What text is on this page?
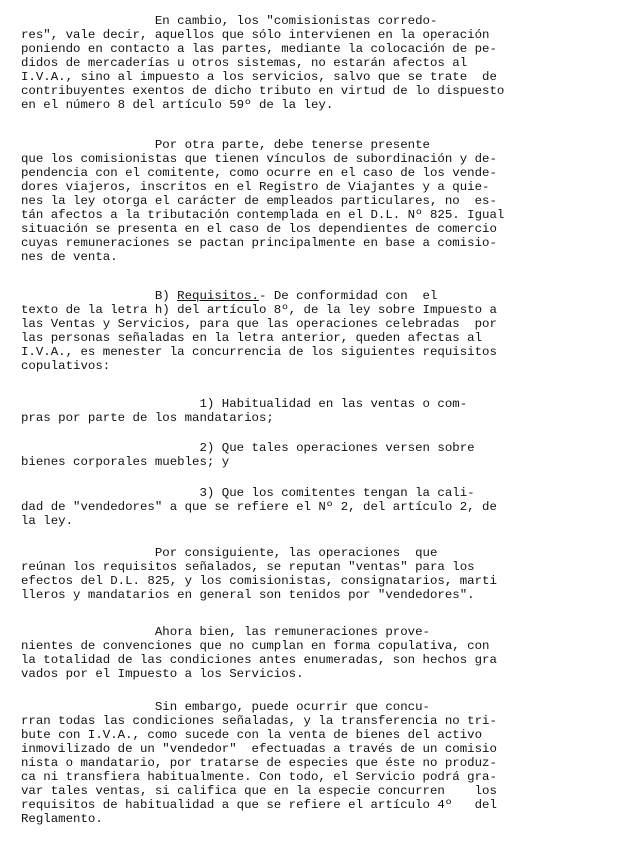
En cambio, los "comisionistas corredo-
res", vale decir, aquellos que sólo intervienen en la operación
poniendo en contacto a las partes, mediante la colocación de pe-
didos de mercaderías u otros sistemas, no estarán afectos al
I.V.A., sino al impuesto a los servicios, salvo que se trate  de
contribuyentes exentos de dicho tributo en virtud de lo dispuesto
en el número 8 del artículo 59º de la ley.
Por otra parte, debe tenerse presente
que los comisionistas que tienen vínculos de subordinación y de-
pendencia con el comitente, como ocurre en el caso de los vende-
dores viajeros, inscritos en el Registro de Viajantes y a quie-
nes la ley otorga el carácter de empleados particulares, no  es-
tán afectos a la tributación contemplada en el D.L. Nº 825. Igual
situación se presenta en el caso de los dependientes de comercio
cuyas remuneraciones se pactan principalmente en base a comisio-
nes de venta.
B) Requisitos.- De conformidad con  el
texto de la letra h) del artículo 8º, de la ley sobre Impuesto a
las Ventas y Servicios, para que las operaciones celebradas  por
las personas señaladas en la letra anterior, queden afectas al
I.V.A., es menester la concurrencia de los siguientes requisitos
copulativos:
1) Habitualidad en las ventas o com-
pras por parte de los mandatarios;
2) Que tales operaciones versen sobre
bienes corporales muebles; y
3) Que los comitentes tengan la cali-
dad de "vendedores" a que se refiere el Nº 2, del artículo 2, de
la ley.
Por consiguiente, las operaciones  que
reúnan los requisitos señalados, se reputan "ventas" para los
efectos del D.L. 825, y los comisionistas, consignatarios, marti
lleros y mandatarios en general son tenidos por "vendedores".
Ahora bien, las remuneraciones prove-
nientes de convenciones que no cumplan en forma copulativa, con
la totalidad de las condiciones antes enumeradas, son hechos gra
vados por el Impuesto a los Servicios.
Sin embargo, puede ocurrir que concu-
rran todas las condiciones señaladas, y la transferencia no tri-
bute con I.V.A., como sucede con la venta de bienes del activo
inmovilizado de un "vendedor"  efectuadas a través de un comisio
nista o mandatario, por tratarse de especies que éste no produz-
ca ni transfiera habitualmente. Con todo, el Servicio podrá gra-
var tales ventas, si califica que en la especie concurren    los
requisitos de habitualidad a que se refiere el artículo 4º   del
Reglamento.
